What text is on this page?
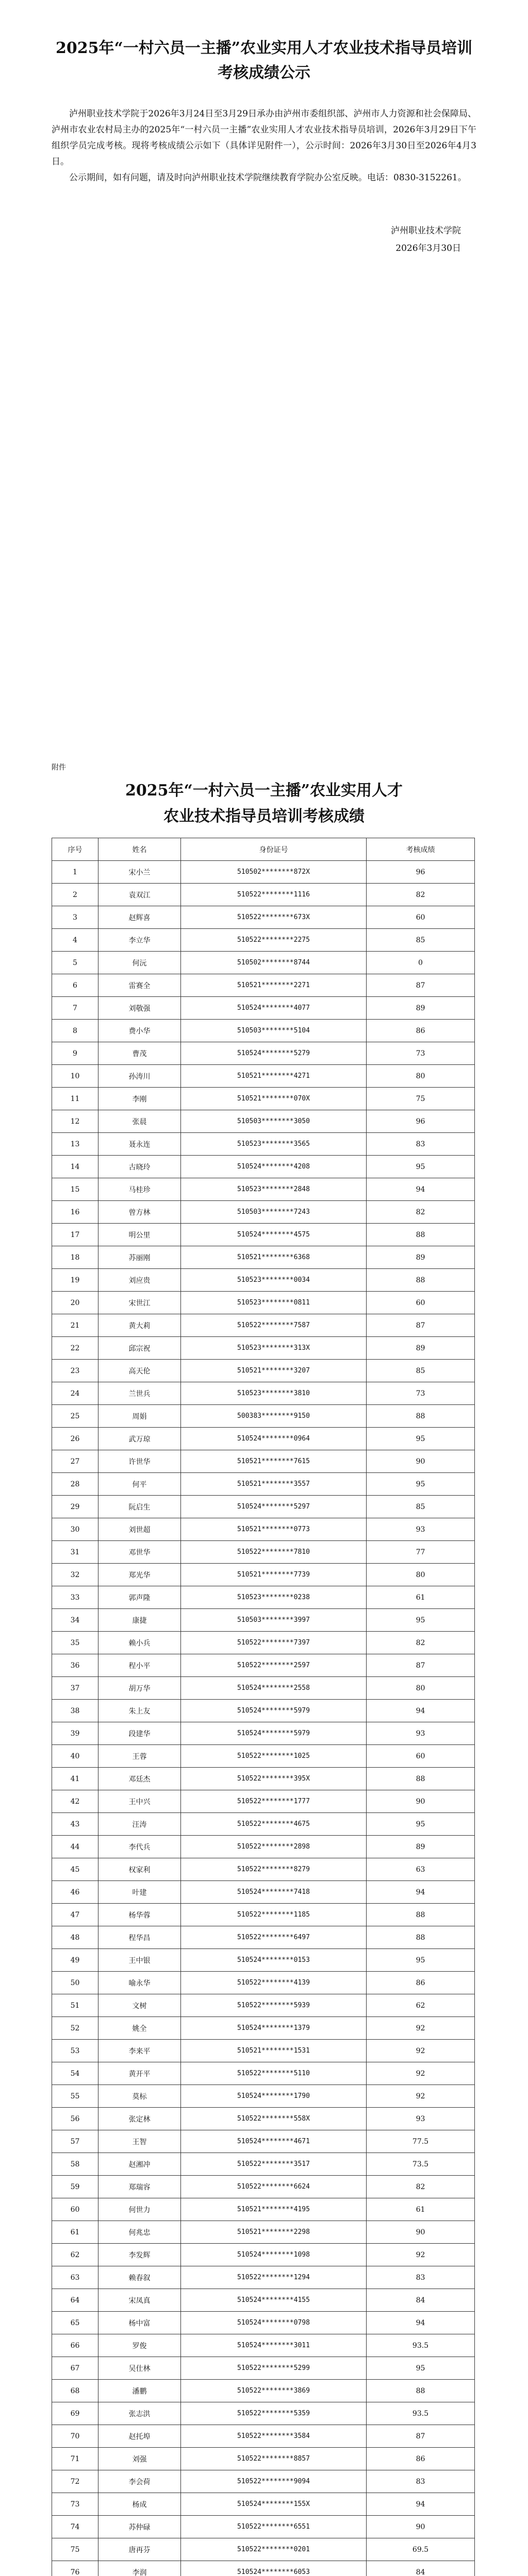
2025年“一村六员一主播”农业实用人才农业技术指导员培训考核成绩公示

泸州职业技术学院于2026年3月24日至3月29日承办由泸州市委组织部、泸州市人力资源和社会保障局、泸州市农业农村局主办的2025年“一村六员一主播”农业实用人才农业技术指导员培训，2026年3月29日下午组织学员完成考核。现将考核成绩公示如下（具体详见附件一），公示时间：2026年3月30日至2026年4月3日。

公示期间，如有问题，请及时向泸州职业技术学院继续教育学院办公室反映。电话：0830-3152261。

泸州职业技术学院
2026年3月30日
附件
2025年“一村六员一主播”农业实用人才
农业技术指导员培训考核成绩
序号	姓名	身份证号	考核成绩
1	宋小兰	510502********872X	96
2	袁双江	510522********1116	82
3	赵辉喜	510522********673X	60
4	李立华	510522********2275	85
5	何沅	510502********8744	0
6	雷赛全	510521********2271	87
7	刘敬强	510524********4077	89
8	费小华	510503********5104	86
9	曹茂	510524********5279	73
10	孙涛川	510521********4271	80
11	李刚	510521********070X	75
12	张晨	510503********3050	96
13	聂永连	510523********3565	83
14	古晓玲	510524********4208	95
15	马桂珍	510523********2848	94
16	曾方林	510503********7243	82
17	明公里	510524********4575	88
18	苏丽刚	510521********6368	89
19	刘应贵	510523********0034	88
20	宋世江	510523********0811	60
21	黄大莉	510522********7587	87
22	邱宗祝	510523********313X	89
23	高天伦	510521********3207	85
24	兰世兵	510523********3810	73
25	周娟	500383********9150	88
26	武万琼	510524********0964	95
27	许世华	510521********7615	90
28	何平	510521********3557	95
29	阮启生	510524********5297	85
30	刘世超	510521********0773	93
31	邓世华	510522********7810	77
32	郑光华	510521********7739	80
33	郭声隆	510523********0238	61
34	康捷	510503********3997	95
35	赖小兵	510522********7397	82
36	程小平	510522********2597	87
37	胡万华	510524********2558	80
38	朱上友	510524********5979	94
39	段建华	510524********5979	93
40	王蓉	510522********1025	60
41	邓廷杰	510522********395X	88
42	王中兴	510522********1777	90
43	汪涛	510522********4675	95
44	李代兵	510522********2898	89
45	权家利	510522********8279	63
46	叶建	510524********7418	94
47	杨华蓉	510522********1185	88
48	程华昌	510522********6497	88
49	王中银	510524********0153	95
50	喻永华	510522********4139	86
51	文树	510522********5939	62
52	姚全	510524********1379	92
53	李来平	510521********1531	92
54	黄开平	510522********5110	92
55	莫标	510524********1790	92
56	张定林	510522********558X	93
57	王智	510524********4671	77.5
58	赵湘冲	510522********3517	73.5
59	郑瑞容	510522********6624	82
60	何世力	510521********4195	61
61	何兆忠	510521********2298	90
62	李发辉	510524********1098	92
63	赖春叙	510522********1294	83
64	宋凤真	510524********4155	84
65	杨中富	510524********0798	94
66	罗俊	510524********3011	93.5
67	吴仕林	510522********5299	95
68	潘鹏	510522********3869	88
69	张志洪	510522********5359	93.5
70	赵托埠	510522********3584	87
71	刘强	510522********8857	86
72	李会荷	510522********9094	83
73	杨成	510524********155X	94
74	苏仲碌	510522********6551	90
75	唐再芬	510522********0201	69.5
76	李润	510524********6053	84
